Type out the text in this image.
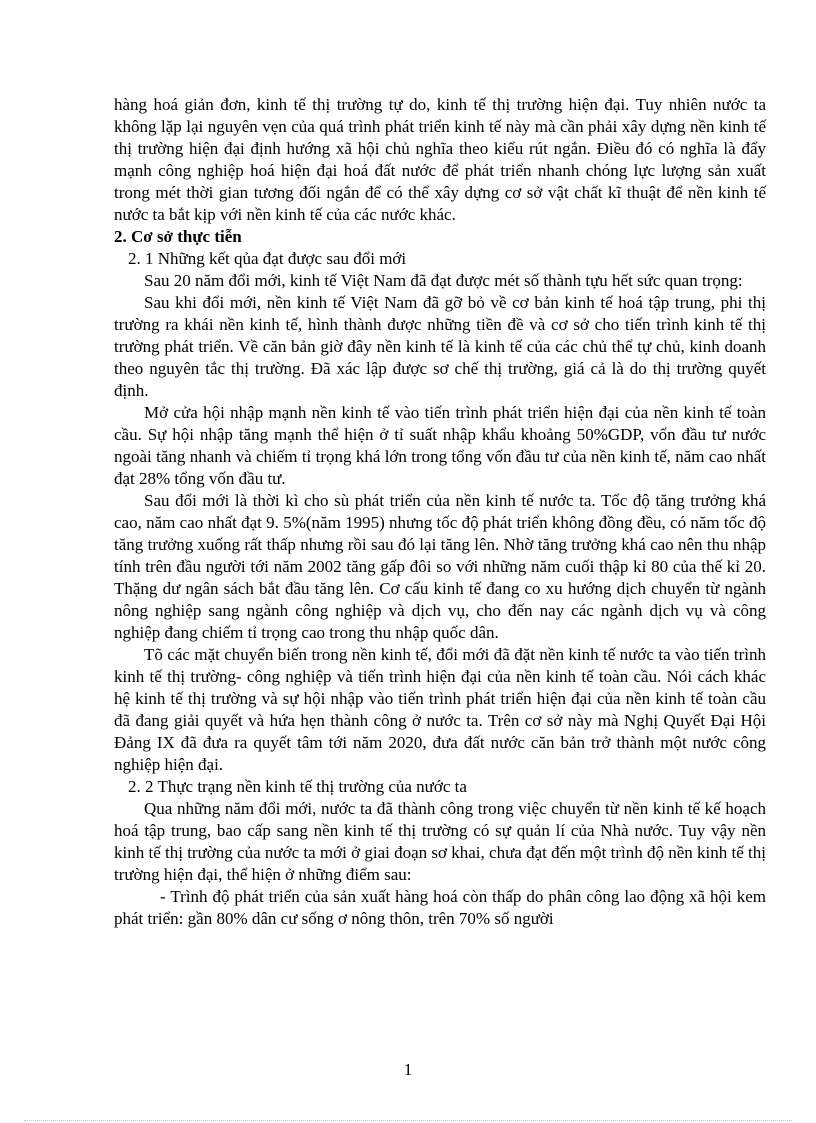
hàng hoá giản đơn, kinh tế thị trường tự do, kinh tế thị trường hiện đại. Tuy nhiên nước ta không lặp lại nguyên vẹn của quá trình phát triển kinh tế này mà cần phải xây dựng nền kinh tế thị trường hiện đại định hướng xã hội chủ nghĩa theo kiểu rút ngắn. Điều đó có nghĩa là đẩy mạnh công nghiệp hoá hiện đại hoá đất nước để phát triển nhanh chóng lực lượng sản xuất trong mét thời gian tương đối ngắn để có thể xây dựng cơ sở vật chất kĩ thuật để nền kinh tế nước ta bắt kịp với nền kinh tế của các nước khác.

2. Cơ sở thực tiễn

2. 1 Những kết qủa đạt được sau đổi mới

Sau 20 năm đổi mới, kinh tế Việt Nam đã đạt được mét số thành tựu hết sức quan trọng:

Sau khi đổi mới, nền kinh tế Việt Nam đã gỡ bỏ về cơ bản kinh tế hoá tập trung, phi thị trường ra khái nền kinh tế, hình thành được những tiền đề và cơ sở cho tiến trình kinh tế thị trường phát triển. Về căn bản giờ đây nền kinh tế là kinh tế của các chủ thể tự chủ, kinh doanh theo nguyên tắc thị trường. Đã xác lập được sơ chế thị trường, giá cả là do thị trường quyết định.

Mở cửa hội nhập mạnh nền kinh tế vào tiến trình phát triển hiện đại của nền kinh tế toàn cầu. Sự hội nhập tăng mạnh thể hiện ở tỉ suất nhập khẩu khoảng 50%GDP, vốn đầu tư nước ngoài tăng nhanh và chiếm tỉ trọng khá lớn trong tổng vốn đầu tư của nền kinh tế, năm cao nhất đạt 28% tổng vốn đầu tư.

Sau đổi mới là thời kì cho sù phát triển của nền kinh tế nước ta. Tốc độ tăng trưởng khá cao, năm cao nhất đạt 9. 5%(năm 1995) nhưng tốc độ phát triển không đồng đều, có năm tốc độ tăng trưởng xuống rất thấp nhưng rồi sau đó lại tăng lên. Nhờ tăng trưởng khá cao nên thu nhập tính trên đầu người tới năm 2002 tăng gấp đôi so với những năm cuối thập kỉ 80 của thế kỉ 20. Thặng dư ngân sách bắt đầu tăng lên. Cơ cấu kinh tế đang co xu hướng dịch chuyển từ ngành nông nghiệp sang ngành công nghiệp và dịch vụ, cho đến nay các ngành dịch vụ và công nghiệp đang chiếm tỉ trọng cao trong thu nhập quốc dân.

Tõ các mặt chuyển biến trong nền kinh tế, đổi mới đã đặt nền kinh tế nước ta vào tiến trình kinh tế thị trường- công nghiệp và tiến trình hiện đại của nền kinh tế toàn cầu. Nói cách khác hệ kinh tế thị trường và sự hội nhập vào tiến trình phát triển hiện đại của nền kinh tế toàn cầu đã đang giải quyết và hứa hẹn thành công ở nước ta. Trên cơ sở này mà Nghị Quyết Đại Hội Đảng IX đã đưa ra quyết tâm tới năm 2020, đưa đất nước căn bản trở thành một nước công nghiệp hiện đại.

2. 2 Thực trạng nền kinh tế thị trường của nước ta

Qua những năm đổi mới, nước ta đã thành công trong việc chuyển từ nền kinh tế kế hoạch hoá tập trung, bao cấp sang nền kinh tế thị trường có sự quản lí của Nhà nước. Tuy vậy nền kinh tế thị trường của nước ta mới ở giai đoạn sơ khai, chưa đạt đến một trình độ nền kinh tế thị trường hiện đại, thể hiện ở những điểm sau:

- Trình độ phát triển của sản xuất hàng hoá còn thấp do phân công lao động xã hội kem phát triển: gần 80% dân cư sống ơ nông thôn, trên 70% số người

1
